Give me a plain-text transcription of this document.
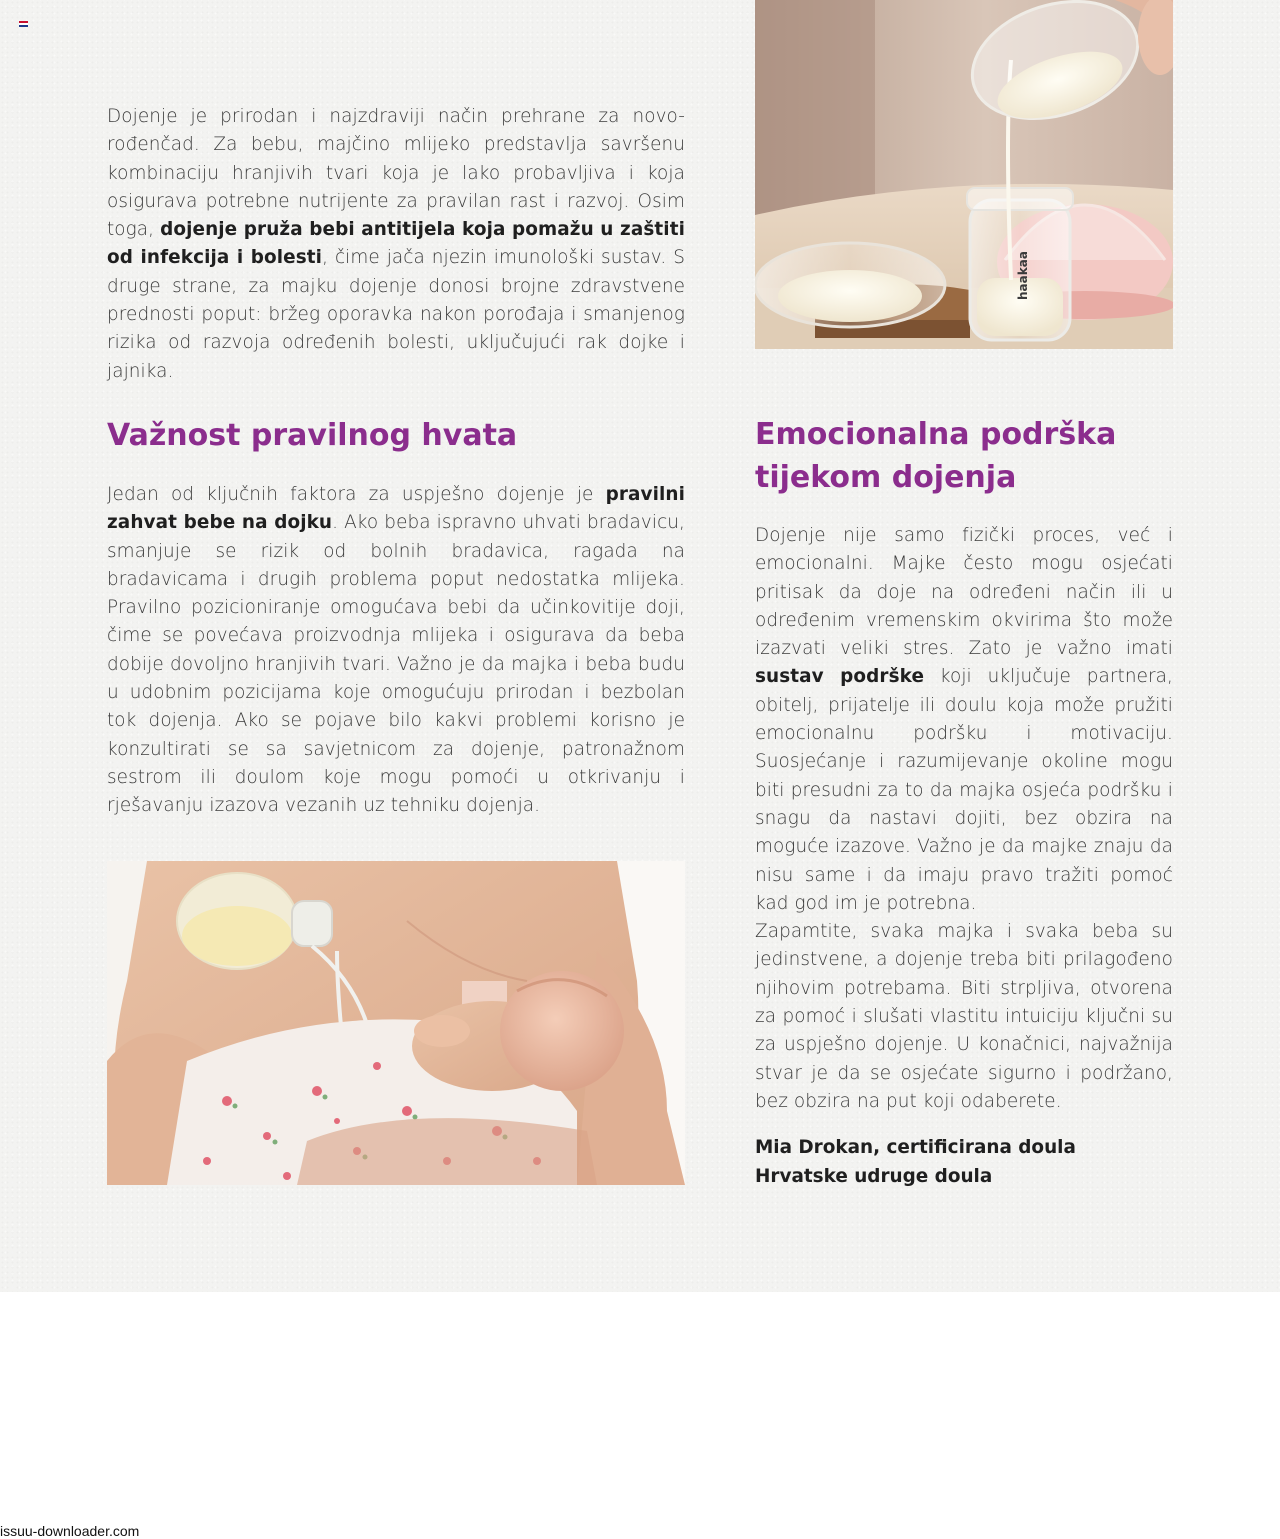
Dojenje je prirodan i najzdraviji način prehrane za novo-rođenčad. Za bebu, majčino mlijeko predstavlja savršenu kombinaciju hranjivih tvari koja je lako probavljiva i koja osigurava potrebne nutrijente za pravilan rast i razvoj. Osim toga, dojenje pruža bebi antitijela koja pomažu u zaštiti od infekcija i bolesti, čime jača njezin imunološki sustav. S druge strane, za majku dojenje donosi brojne zdravstvene prednosti poput: bržeg oporavka nakon porođaja i smanjenog rizika od razvoja određenih bolesti, uključujući rak dojke i jajnika.

haakaa
Važnost pravilnog hvata

Jedan od ključnih faktora za uspješno dojenje je pravilni zahvat bebe na dojku. Ako beba ispravno uhvati bradavicu, smanjuje se rizik od bolnih bradavica, ragada na bradavicama i drugih problema poput nedostatka mlijeka. Pravilno pozicioniranje omogućava bebi da učinkovitije doji, čime se povećava proizvodnja mlijeka i osigurava da beba dobije dovoljno hranjivih tvari. Važno je da majka i beba budu u udobnim pozicijama koje omogućuju prirodan i bezbolan tok dojenja. Ako se pojave bilo kakvi problemi korisno je konzultirati se sa savjetnicom za dojenje, patronažnom sestrom ili doulom koje mogu pomoći u otkrivanju i rješavanju izazova vezanih uz tehniku dojenja.

Emocionalna podrška tijekom dojenja

Dojenje nije samo fizički proces, već i emocionalni. Majke često mogu osjećati pritisak da doje na određeni način ili u određenim vremenskim okvirima što može izazvati veliki stres. Zato je važno imati sustav podrške koji uključuje partnera, obitelj, prijatelje ili doulu koja može pružiti emocionalnu podršku i motivaciju. Suosjećanje i razumijevanje okoline mogu biti presudni za to da majka osjeća podršku i snagu da nastavi dojiti, bez obzira na moguće izazove. Važno je da majke znaju da nisu same i da imaju pravo tražiti pomoć kad god im je potrebna.

Zapamtite, svaka majka i svaka beba su jedinstvene, a dojenje treba biti prilagođeno njihovim potrebama. Biti strpljiva, otvorena za pomoć i slušati vlastitu intuiciju ključni su za uspješno dojenje. U konačnici, najvažnija stvar je da se osjećate sigurno i podržano, bez obzira na put koji odaberete.

Mia Drokan, certificirana doula Hrvatske udruge doula

issuu-downloader.com
